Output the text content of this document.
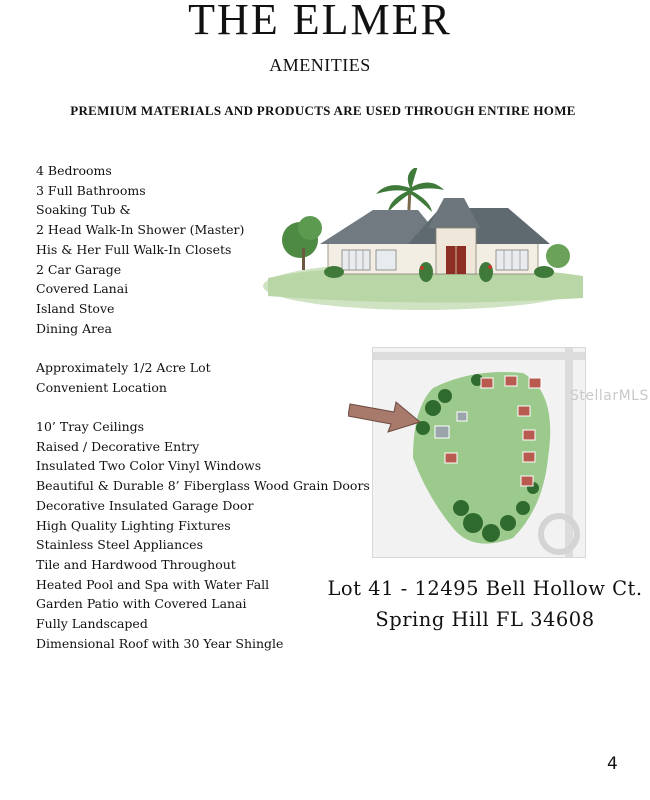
THE ELMER
AMENITIES
PREMIUM MATERIALS AND PRODUCTS ARE USED THROUGH ENTIRE HOME
4 Bedrooms
3 Full Bathrooms
Soaking Tub &
2 Head Walk-In Shower (Master)
His & Her Full Walk-In Closets
2 Car Garage
Covered Lanai
Island Stove
Dining Area
Approximately 1/2 Acre Lot
Convenient Location
10’ Tray Ceilings
Raised / Decorative Entry
Insulated Two Color Vinyl Windows
Beautiful & Durable 8’ Fiberglass Wood Grain Doors
Decorative Insulated Garage Door
High Quality Lighting Fixtures
Stainless Steel Appliances
Tile and Hardwood Throughout
Heated Pool and Spa with Water Fall
Garden Patio with Covered Lanai
Fully Landscaped
Dimensional Roof with 30 Year Shingle
StellarMLS
Lot 41 - 12495 Bell Hollow Ct.
Spring Hill FL 34608
4
